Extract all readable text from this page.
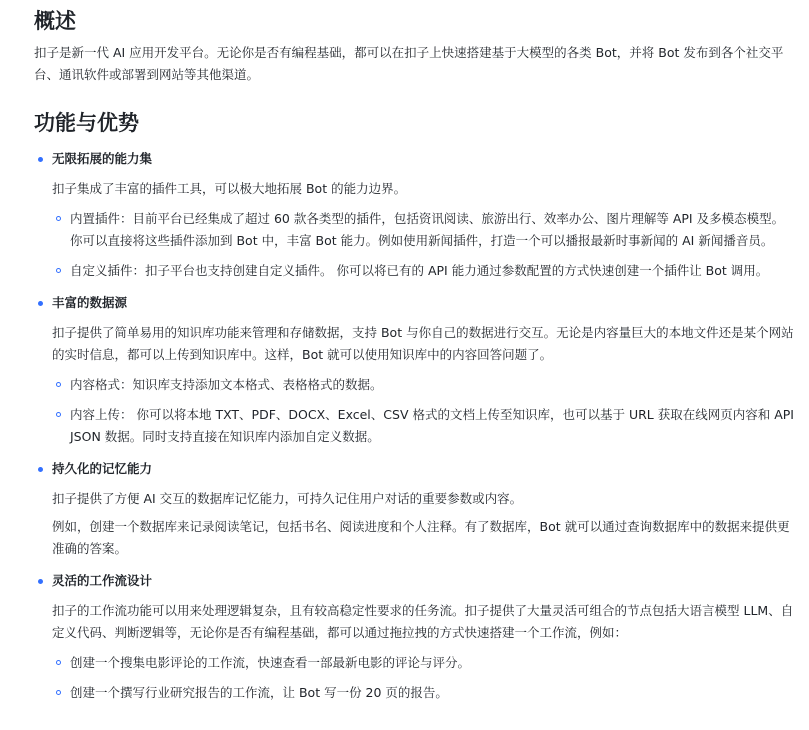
概述

扣子是新一代 AI 应用开发平台。无论你是否有编程基础，都可以在扣子上快速搭建基于大模型的各类 Bot，并将 Bot 发布到各个社交平台、通讯软件或部署到网站等其他渠道。

功能与优势
无限拓展的能力集
扣子集成了丰富的插件工具，可以极大地拓展 Bot 的能力边界。
内置插件：目前平台已经集成了超过 60 款各类型的插件，包括资讯阅读、旅游出行、效率办公、图片理解等 API 及多模态模型。 你可以直接将这些插件添加到 Bot 中，丰富 Bot 能力。例如使用新闻插件，打造一个可以播报最新时事新闻的 AI 新闻播音员。
自定义插件：扣子平台也支持创建自定义插件。 你可以将已有的 API 能力通过参数配置的方式快速创建一个插件让 Bot 调用。
丰富的数据源
扣子提供了简单易用的知识库功能来管理和存储数据，支持 Bot 与你自己的数据进行交互。无论是内容量巨大的本地文件还是某个网站的实时信息，都可以上传到知识库中。这样，Bot 就可以使用知识库中的内容回答问题了。
内容格式：知识库支持添加文本格式、表格格式的数据。
内容上传： 你可以将本地 TXT、PDF、DOCX、Excel、CSV 格式的文档上传至知识库，也可以基于 URL 获取在线网页内容和 API JSON 数据。同时支持直接在知识库内添加自定义数据。
持久化的记忆能力
扣子提供了方便 AI 交互的数据库记忆能力，可持久记住用户对话的重要参数或内容。
例如，创建一个数据库来记录阅读笔记，包括书名、阅读进度和个人注释。有了数据库，Bot 就可以通过查询数据库中的数据来提供更准确的答案。
灵活的工作流设计
扣子的工作流功能可以用来处理逻辑复杂，且有较高稳定性要求的任务流。扣子提供了大量灵活可组合的节点包括大语言模型 LLM、自定义代码、判断逻辑等，无论你是否有编程基础，都可以通过拖拉拽的方式快速搭建一个工作流，例如：
创建一个搜集电影评论的工作流，快速查看一部最新电影的评论与评分。
创建一个撰写行业研究报告的工作流，让 Bot 写一份 20 页的报告。
